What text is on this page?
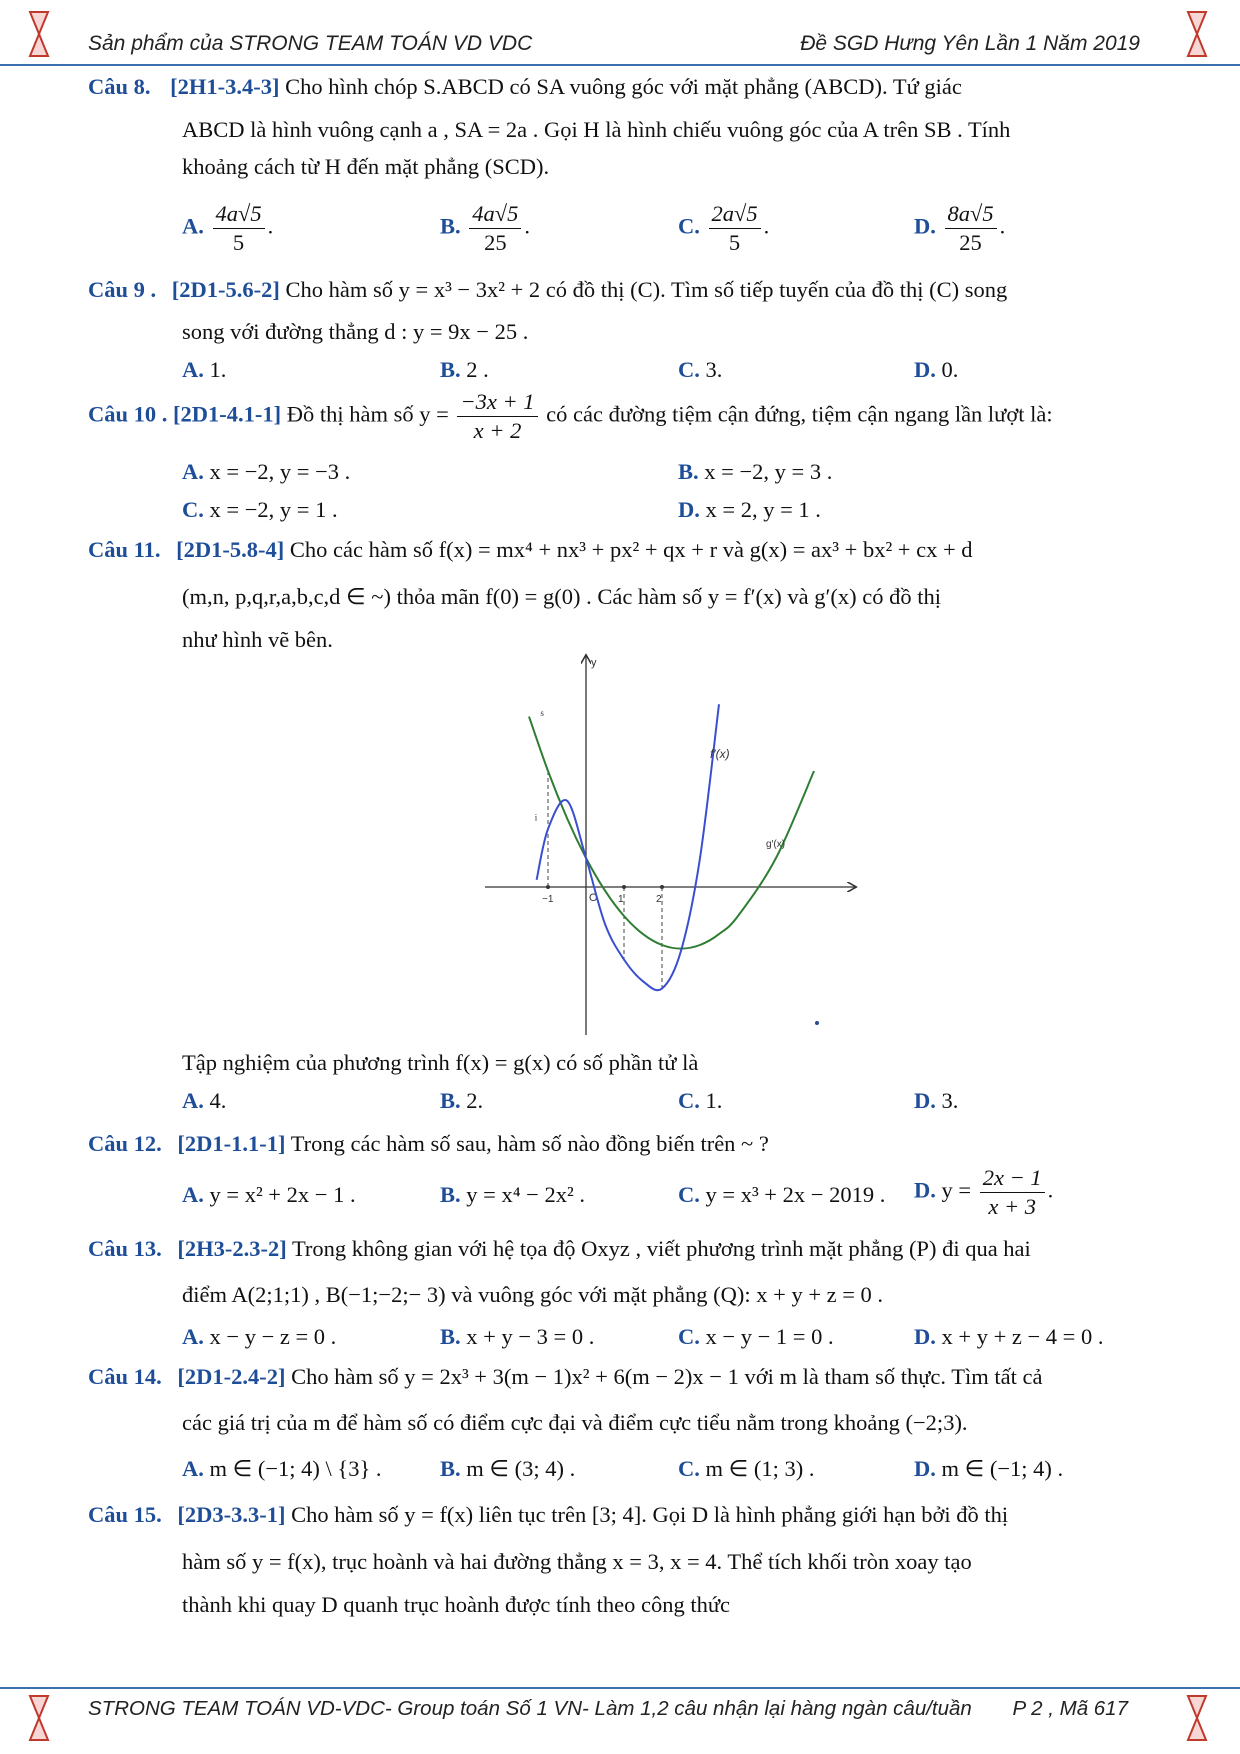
Sản phẩm của STRONG TEAM TOÁN VD VDC	Đề SGD Hưng Yên Lần 1 Năm 2019
Câu 8. [2H1-3.4-3] Cho hình chóp S.ABCD có SA vuông góc với mặt phẳng (ABCD). Tứ giác
ABCD là hình vuông cạnh a , SA = 2a . Gọi H là hình chiếu vuông góc của A trên SB . Tính
khoảng cách từ H đến mặt phẳng (SCD).
A. $\frac{4a√5}{5}$ .	B. $\frac{4a√5}{25}$ .	C. $\frac{2a√5}{5}$ .	D. $\frac{8a√5}{25}$ .
Câu 9 . [2D1-5.6-2] Cho hàm số y = x³ − 3x² + 2 có đồ thị (C). Tìm số tiếp tuyến của đồ thị (C) song
song với đường thẳng d : y = 9x − 25 .
A. 1.	B. 2 .	C. 3.	D. 0.
Câu 10 . [2D1-4.1-1] Đồ thị hàm số $y = \frac{-3x + 1}{x + 2}$ có các đường tiệm cận đứng, tiệm cận ngang lần lượt là:
A. x = −2, y = −3 .	B. x = −2, y = 3 .
C. x = −2, y = 1 .	D. x = 2, y = 1 .
Câu 11. [2D1-5.8-4] Cho các hàm số f(x) = mx⁴ + nx³ + px² + qx + r và g(x) = ax³ + bx² + cx + d
(m,n, p,q,r,a,b,c,d ∈ ~) thỏa mãn f(0) = g(0) . Các hàm số y = f′(x) và g′(x) có đồ thị
như hình vẽ bên.
y
O
−1	1	2
s
i
f′(x)
g′(x)
Tập nghiệm của phương trình f(x) = g(x) có số phần tử là
A. 4.	B. 2.	C. 1.	D. 3.
Câu 12. [2D1-1.1-1] Trong các hàm số sau, hàm số nào đồng biến trên ~ ?
A. y = x² + 2x − 1 .	B. y = x⁴ − 2x² .	C. y = x³ + 2x − 2019 . D. $y = \frac{2x - 1}{x + 3}$ .
Câu 13. [2H3-2.3-2] Trong không gian với hệ tọa độ Oxyz , viết phương trình mặt phẳng (P) đi qua hai
điểm A(2;1;1) , B(−1;−2;− 3) và vuông góc với mặt phẳng (Q): x + y + z = 0 .
A. x − y − z = 0 .	B. x + y − 3 = 0 .	C. x − y − 1 = 0 .	D. x + y + z − 4 = 0 .
Câu 14. [2D1-2.4-2] Cho hàm số y = 2x³ + 3(m − 1)x² + 6(m − 2)x − 1 với m là tham số thực. Tìm tất cả
các giá trị của m để hàm số có điểm cực đại và điểm cực tiểu nằm trong khoảng (−2;3).
A. m ∈ (−1; 4) \ {3} .	B. m ∈ (3; 4) .	C. m ∈ (1; 3) .	D. m ∈ (−1; 4) .
Câu 15. [2D3-3.3-1] Cho hàm số y = f(x) liên tục trên [3; 4]. Gọi D là hình phẳng giới hạn bởi đồ thị
hàm số y = f(x), trục hoành và hai đường thẳng x = 3, x = 4. Thể tích khối tròn xoay tạo
thành khi quay D quanh trục hoành được tính theo công thức
STRONG TEAM TOÁN VD-VDC- Group toán Số 1 VN- Làm 1,2 câu nhận lại hàng ngàn câu/tuần P 2 , Mã 617
